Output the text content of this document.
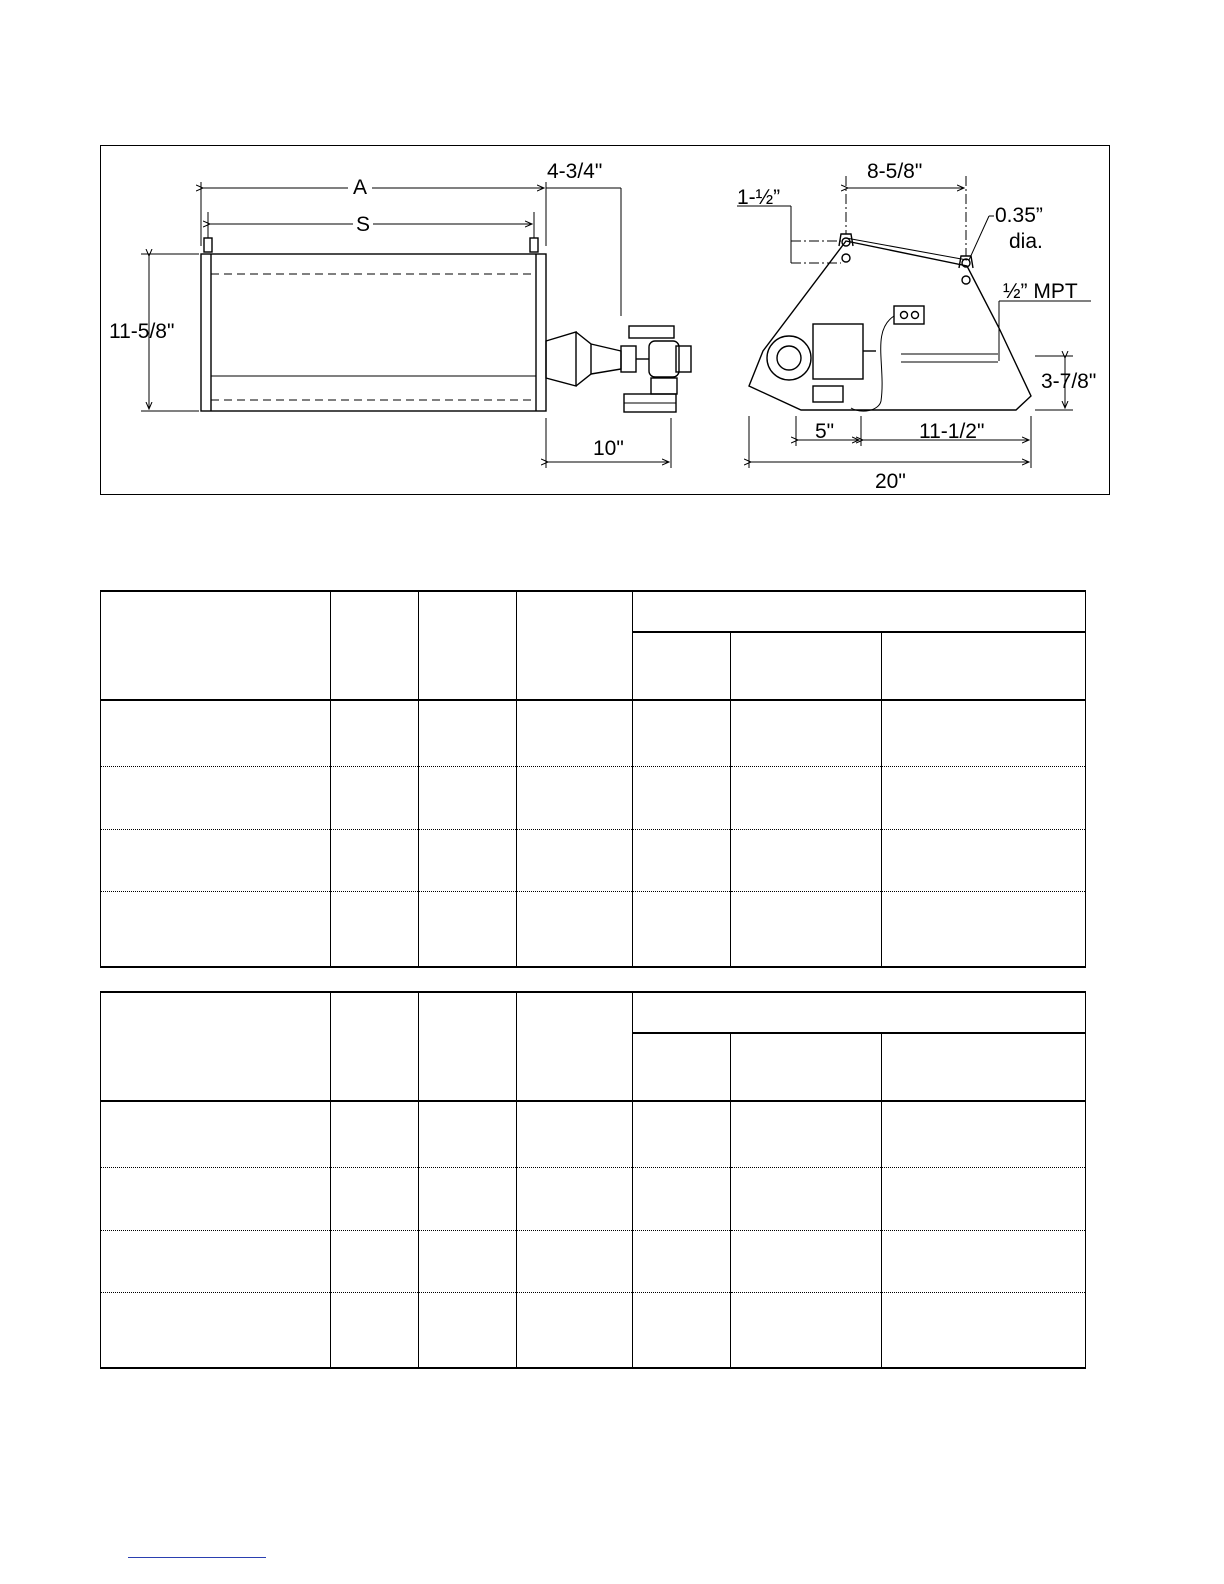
A
S
11-5/8"
4-3/4"
10"
1-½”
8-5/8"
0.35”
dia.
½” MPT
3-7/8"
5"	11-1/2"
20"
